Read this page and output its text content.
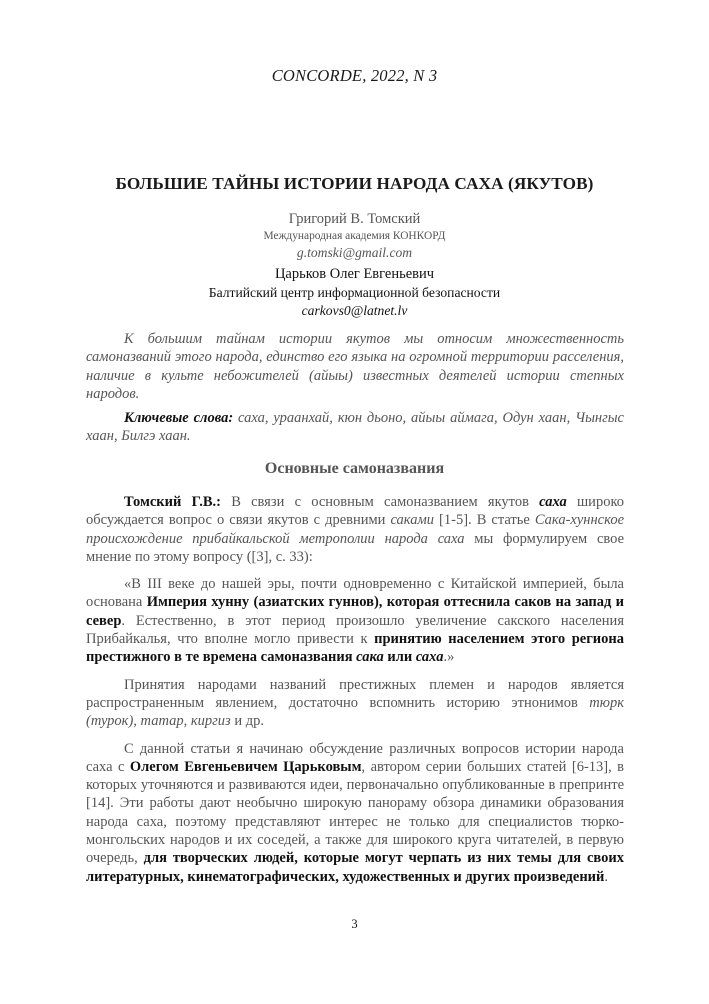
CONCORDE, 2022, N 3
БОЛЬШИЕ ТАЙНЫ ИСТОРИИ НАРОДА САХА (ЯКУТОВ)
Григорий В. Томский
Международная академия КОНКОРД
g.tomski@gmail.com
Царьков Олег Евгеньевич
Балтийский центр информационной безопасности
carkovs0@latnet.lv

К большим тайнам истории якутов мы относим множественность самоназваний этого народа, единство его языка на огромной территории расселения, наличие в культе небожителей (айыы) известных деятелей истории степных народов.

Ключевые слова: саха, ураанхай, кюн дьоно, айыы аймага, Одун хаан, Чынгыс хаан, Билгэ хаан.

Основные самоназвания

Томский Г.В.: В связи с основным самоназванием якутов саха широко обсуждается вопрос о связи якутов с древними саками [1-5]. В статье Сака-хуннское происхождение прибайкальской метрополии народа саха мы формулируем свое мнение по этому вопросу ([3], с. 33):

«В III веке до нашей эры, почти одновременно с Китайской империей, была основана Империя хунну (азиатских гуннов), которая оттеснила саков на запад и север. Естественно, в этот период произошло увеличение сакского населения Прибайкалья, что вполне могло привести к принятию населением этого региона престижного в те времена самоназвания сака или саха.»

Принятия народами названий престижных племен и народов является распространенным явлением, достаточно вспомнить историю этнонимов тюрк (турок), татар, киргиз и др.

С данной статьи я начинаю обсуждение различных вопросов истории народа саха с Олегом Евгеньевичем Царьковым, автором серии больших статей [6-13], в которых уточняются и развиваются идеи, первоначально опубликованные в препринте [14]. Эти работы дают необычно широкую панораму обзора динамики образования народа саха, поэтому представляют интерес не только для специалистов тюрко-монгольских народов и их соседей, а также для широкого круга читателей, в первую очередь, для творческих людей, которые могут черпать из них темы для своих литературных, кинематографических, художественных и других произведений.

3
